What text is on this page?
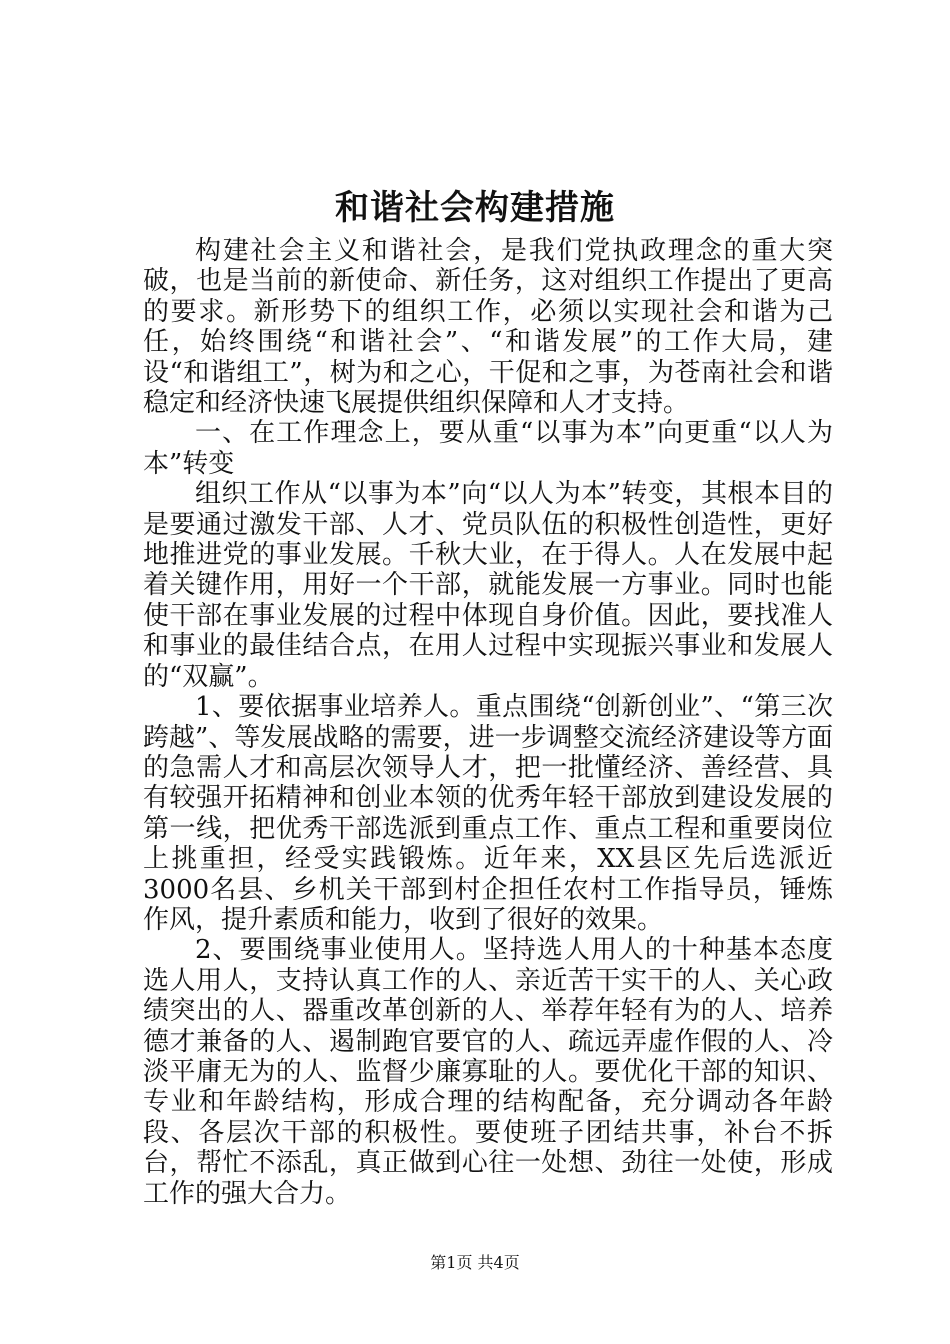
和谐社会构建措施

构建社会主义和谐社会，是我们党执政理念的重大突破，也是当前的新使命、新任务，这对组织工作提出了更高的要求。新形势下的组织工作，必须以实现社会和谐为己任，始终围绕“和谐社会”、“和谐发展”的工作大局，建设“和谐组工”，树为和之心，干促和之事，为苍南社会和谐稳定和经济快速飞展提供组织保障和人才支持。

一、在工作理念上，要从重“以事为本”向更重“以人为本”转变

组织工作从“以事为本”向“以人为本”转变，其根本目的是要通过激发干部、人才、党员队伍的积极性创造性，更好地推进党的事业发展。千秋大业，在于得人。人在发展中起着关键作用，用好一个干部，就能发展一方事业。同时也能使干部在事业发展的过程中体现自身价值。因此，要找准人和事业的最佳结合点，在用人过程中实现振兴事业和发展人的“双赢”。

1、要依据事业培养人。重点围绕“创新创业”、“第三次跨越”、等发展战略的需要，进一步调整交流经济建设等方面的急需人才和高层次领导人才，把一批懂经济、善经营、具有较强开拓精神和创业本领的优秀年轻干部放到建设发展的第一线，把优秀干部选派到重点工作、重点工程和重要岗位上挑重担，经受实践锻炼。近年来，XX县区先后选派近3000名县、乡机关干部到村企担任农村工作指导员，锤炼作风，提升素质和能力，收到了很好的效果。

2、要围绕事业使用人。坚持选人用人的十种基本态度选人用人，支持认真工作的人、亲近苦干实干的人、关心政绩突出的人、器重改革创新的人、举荐年轻有为的人、培养德才兼备的人、遏制跑官要官的人、疏远弄虚作假的人、冷淡平庸无为的人、监督少廉寡耻的人。要优化干部的知识、专业和年龄结构，形成合理的结构配备，充分调动各年龄段、各层次干部的积极性。要使班子团结共事，补台不拆台，帮忙不添乱，真正做到心往一处想、劲往一处使，形成工作的强大合力。

第1页 共4页
